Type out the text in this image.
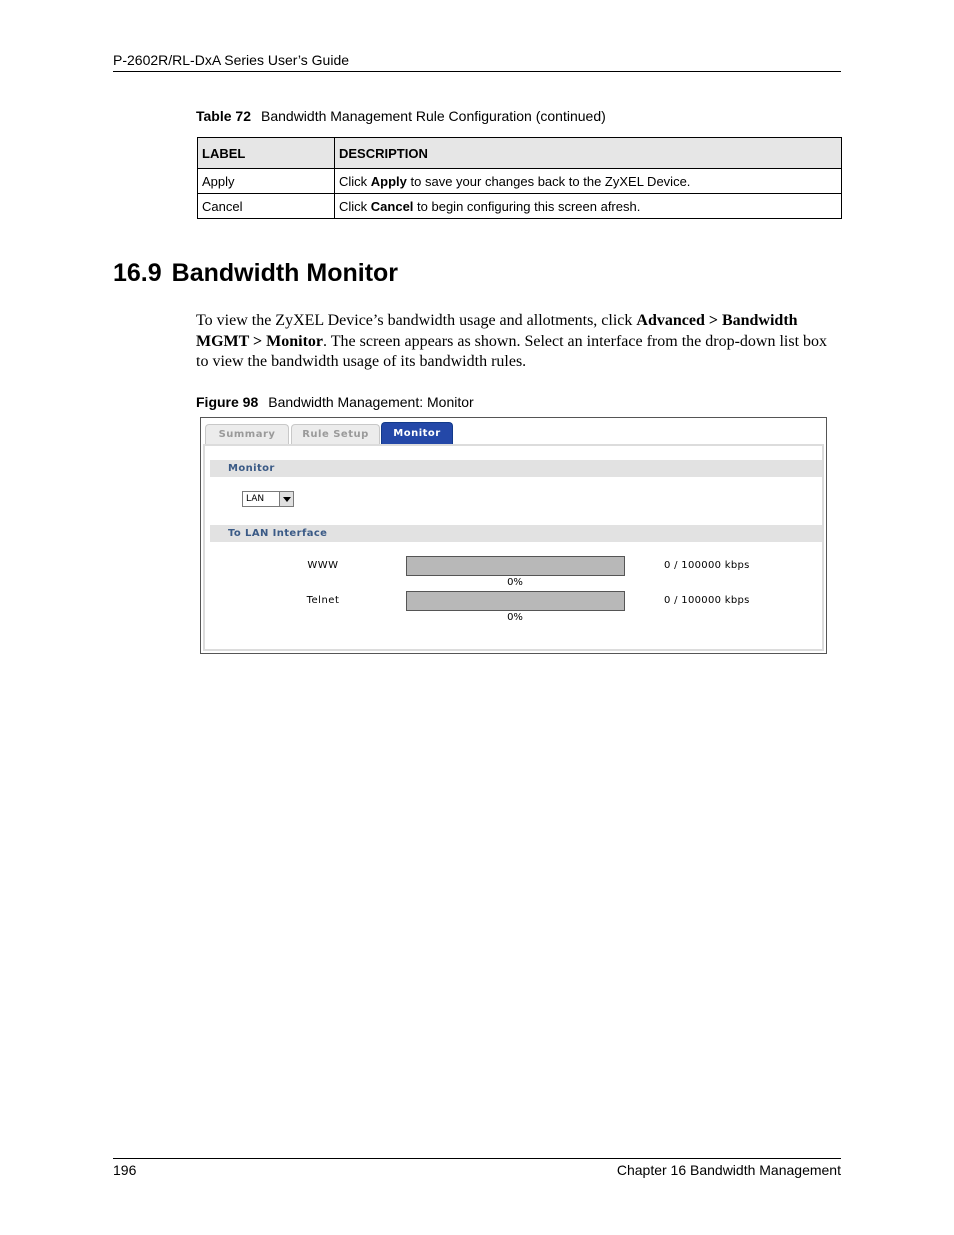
P-2602R/RL-DxA Series User’s Guide
Table 72 Bandwidth Management Rule Configuration (continued)
LABEL	DESCRIPTION
Apply	Click Apply to save your changes back to the ZyXEL Device.
Cancel	Click Cancel to begin configuring this screen afresh.
16.9 Bandwidth Monitor
To view the ZyXEL Device’s bandwidth usage and allotments, click Advanced > Bandwidth MGMT > Monitor. The screen appears as shown. Select an interface from the drop-down list box to view the bandwidth usage of its bandwidth rules.
Figure 98 Bandwidth Management: Monitor
Summary	Rule Setup	Monitor
Monitor
LAN
To LAN Interface
WWW
0%
0 / 100000 kbps
Telnet
0%
0 / 100000 kbps
196	Chapter 16 Bandwidth Management
